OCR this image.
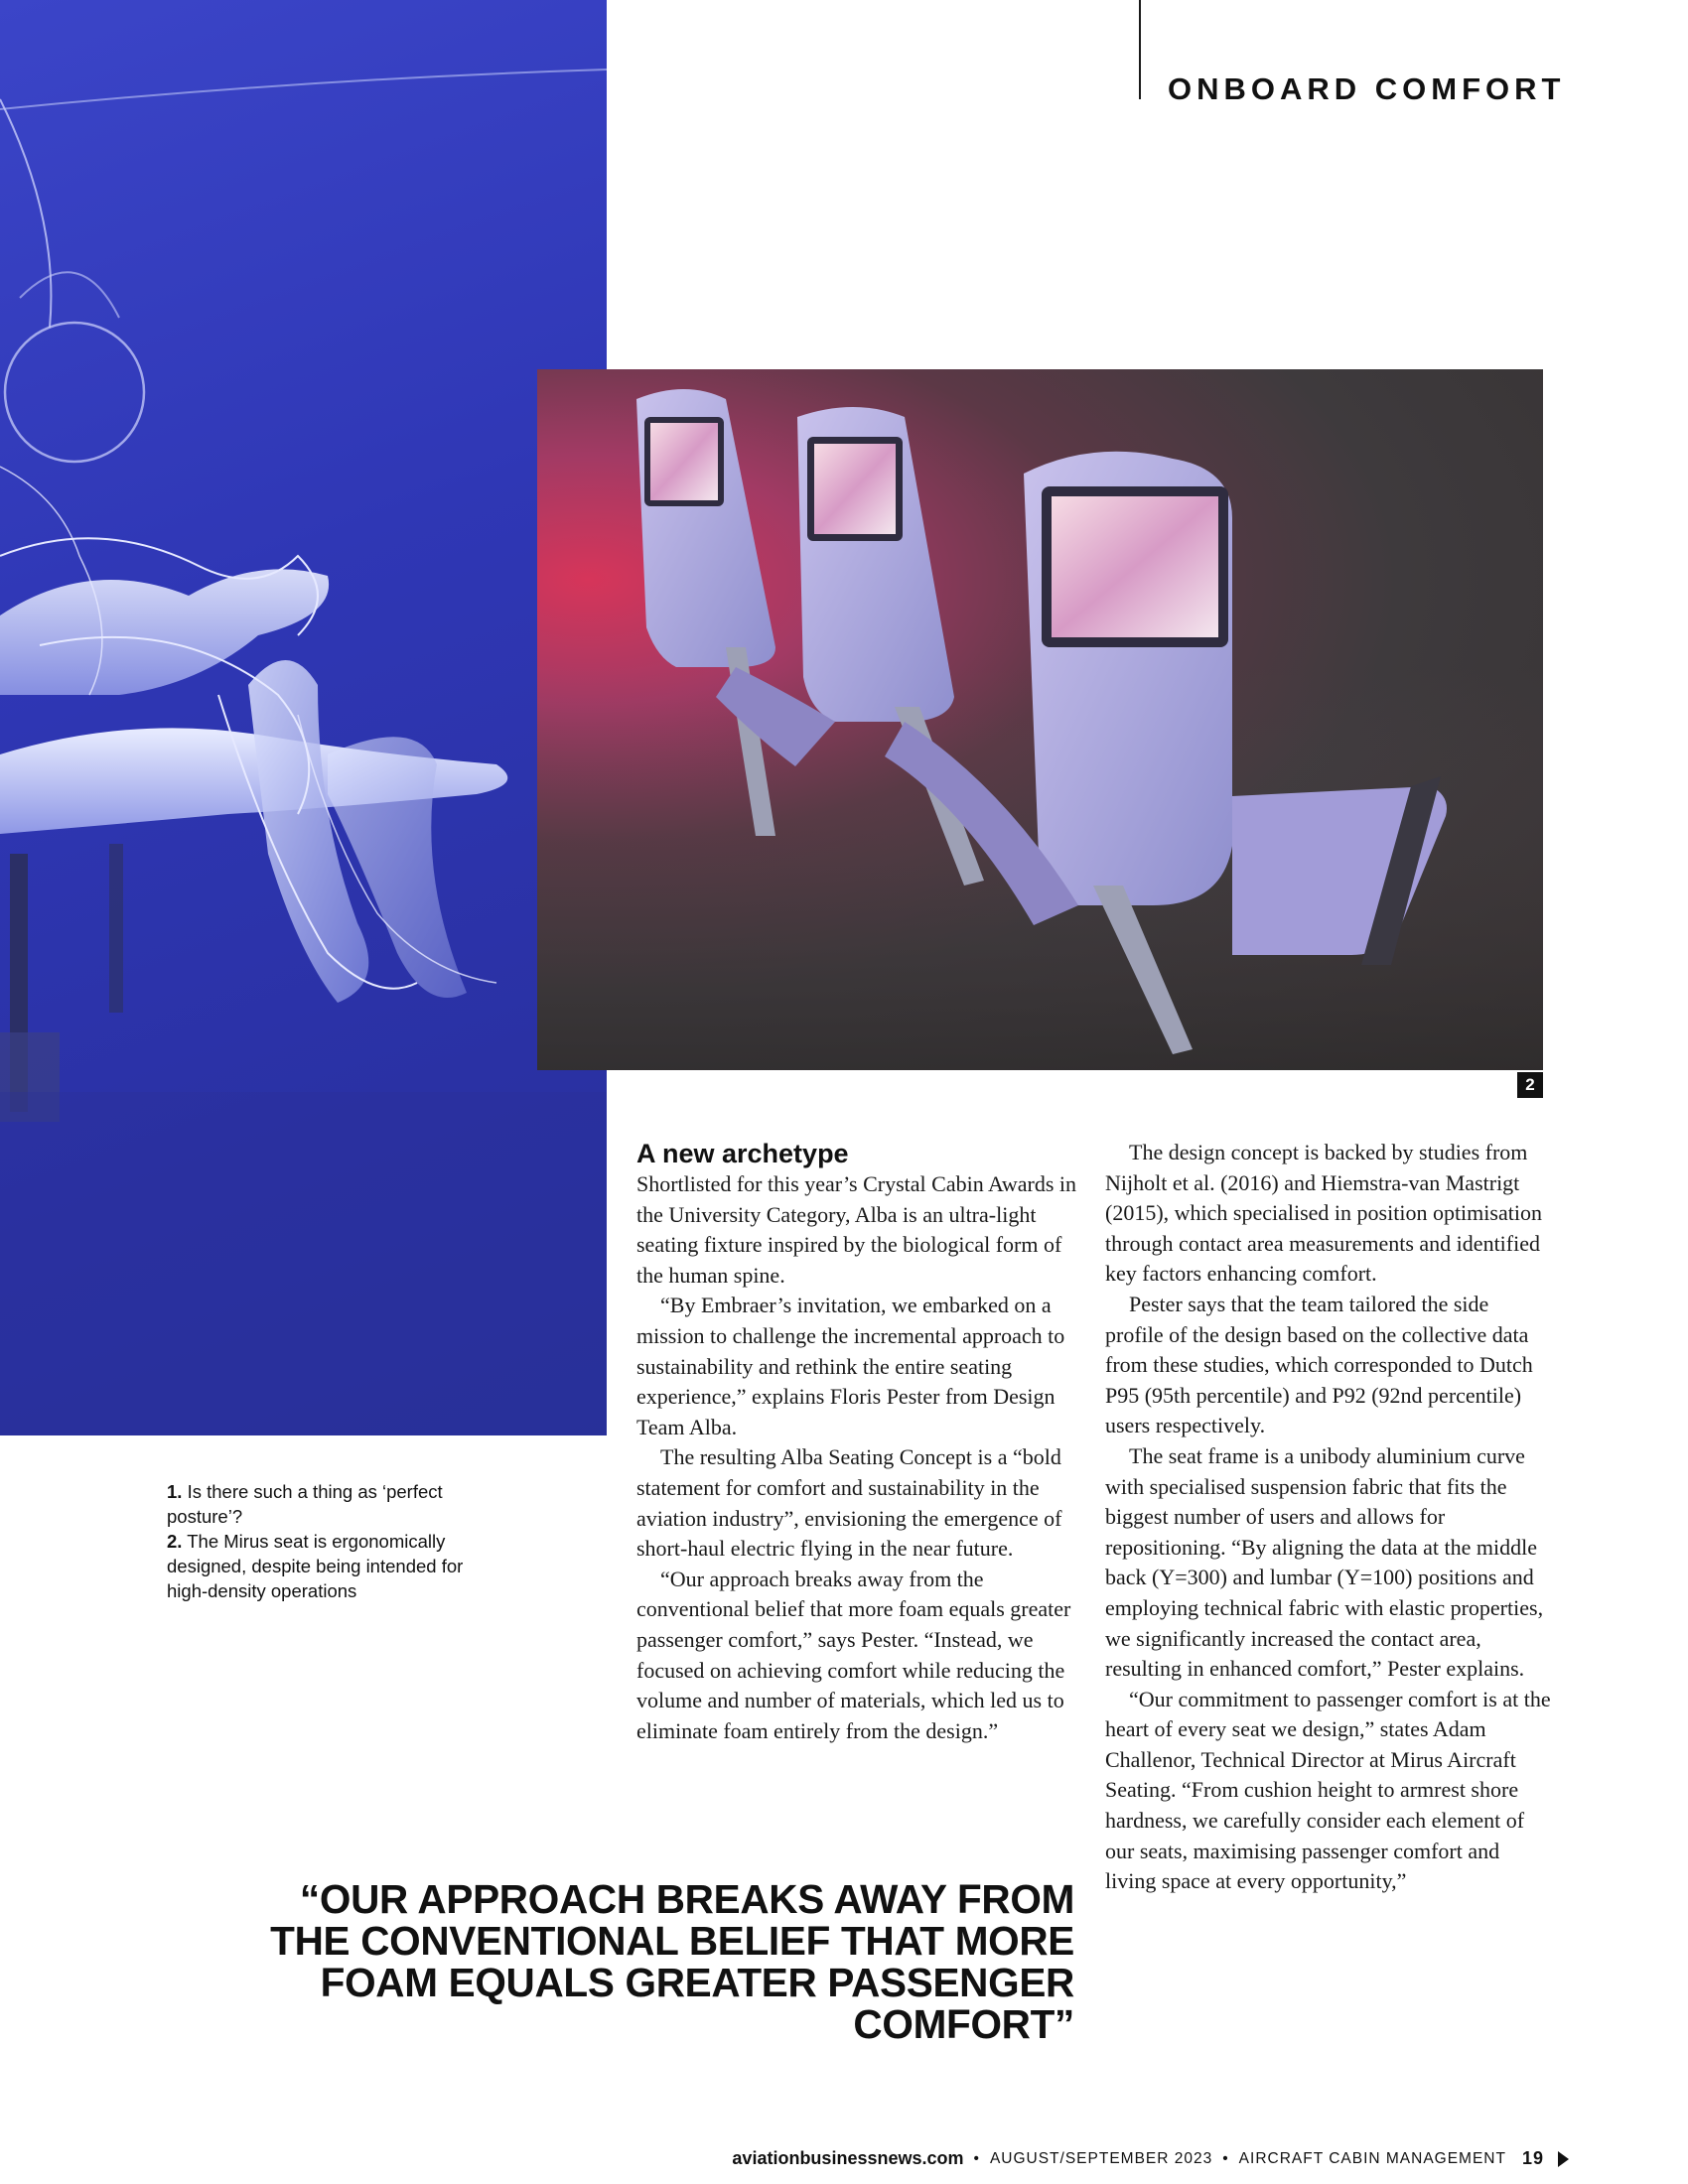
ONBOARD COMFORT
2

1. Is there such a thing as ‘perfect posture’?

2. The Mirus seat is ergonomically designed, despite being intended for high-density operations

A new archetype

Shortlisted for this year’s Crystal Cabin Awards in the University Category, Alba is an ultra-light seating fixture inspired by the biological form of the human spine.

“By Embraer’s invitation, we embarked on a mission to challenge the incremental approach to sustainability and rethink the entire seating experience,” explains Floris Pester from Design Team Alba.

The resulting Alba Seating Concept is a “bold statement for comfort and sustainability in the aviation industry”, envisioning the emergence of short-haul electric flying in the near future.

“Our approach breaks away from the conventional belief that more foam equals greater passenger comfort,” says Pester. “Instead, we focused on achieving comfort while reducing the volume and number of materials, which led us to eliminate foam entirely from the design.”

The design concept is backed by studies from Nijholt et al. (2016) and Hiemstra-van Mastrigt (2015), which specialised in position optimisation through contact area measurements and identified key factors enhancing comfort.

Pester says that the team tailored the side profile of the design based on the collective data from these studies, which corresponded to Dutch P95 (95th percentile) and P92 (92nd percentile) users respectively.

The seat frame is a unibody aluminium curve with specialised suspension fabric that fits the biggest number of users and allows for repositioning. “By aligning the data at the middle back (Y=300) and lumbar (Y=100) positions and employing technical fabric with elastic properties, we significantly increased the contact area, resulting in enhanced comfort,” Pester explains.

“Our commitment to passenger comfort is at the heart of every seat we design,” states Adam Challenor, Technical Director at Mirus Aircraft Seating. “From cushion height to armrest shore hardness, we carefully consider each element of our seats, maximising passenger comfort and living space at every opportunity,”

“OUR APPROACH BREAKS AWAY FROM THE CONVENTIONAL BELIEF THAT MORE FOAM EQUALS GREATER PASSENGER COMFORT”
aviationbusinessnews.com • AUGUST/SEPTEMBER 2023 • AIRCRAFT CABIN MANAGEMENT 19
